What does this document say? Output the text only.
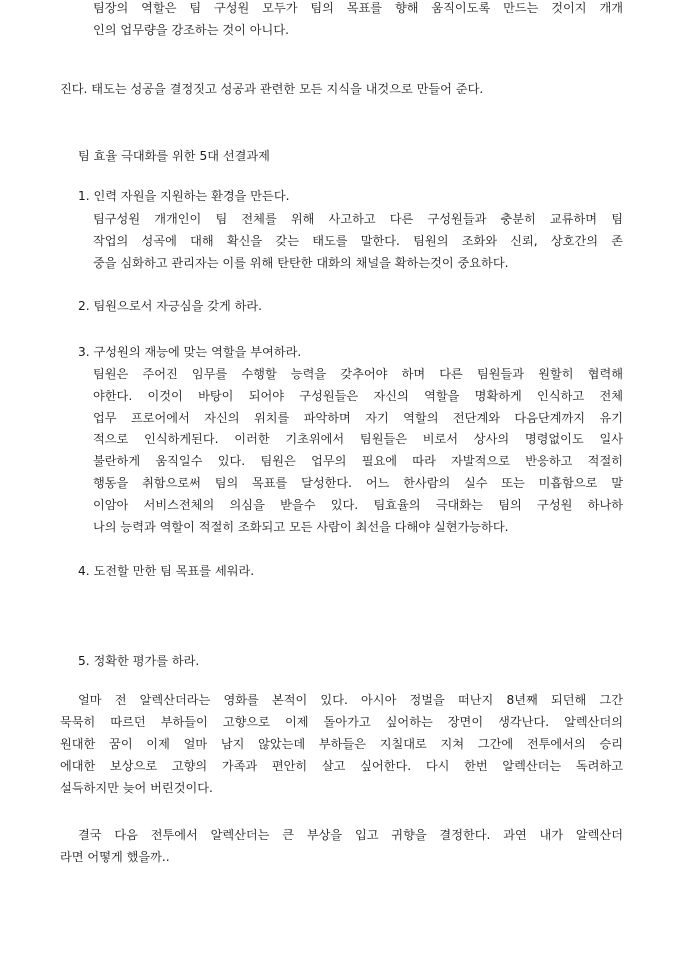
진다. 태도는 성공을 결정짓고 성공과 관련한 모든 지식을 내것으로 만들어 준다.
팀 효율 극대화를 위한 5대 선결과제
1. 인력 자원을 지원하는 환경을 만든다.
팀구성원 개개인이 팀 전체를 위해 사고하고 다른 구성원들과 충분히 교류하며 팀
작업의 성곡에 대해 확신을 갖는 태도를 말한다. 팀원의 조화와 신뢰, 상호간의 존
중을 심화하고 관리자는 이를 위해 탄탄한 대화의 채널을 확하는것이 중요하다.
2. 팀원으로서 자긍심을 갖게 하라.
3. 구성원의 재능에 맞는 역할을 부여하라.
팀원은 주어진 임무를 수행할 능력을 갖추어야 하며 다른 팀원들과 원할히 협력해
야한다. 이것이 바탕이 되어야 구성원들은 자신의 역할을 명확하게 인식하고 전체
업무 프로어에서 자신의 위치를 파악하며 자기 역할의 전단계와 다음단계까지 유기
적으로 인식하게된다. 이러한 기초위에서 팀원들은 비로서 상사의 명령없이도 일사
불란하게 움직일수 있다. 팀원은 업무의 필요에 따라 자발적으로 반응하고 적절히
행동을 취함으로써 팀의 목표를 달성한다. 어느 한사람의 실수 또는 미흡함으로 말
이암아 서비스전체의 의심을 받을수 있다. 팀효율의 극대화는 팀의 구성원 하나하
나의 능력과 역할이 적절히 조화되고 모든 사람이 최선을 다해야 실현가능하다.
4. 도전할 만한 팀 목표를 세워라.
팀장의 역할은 팀 구성원 모두가 팀의 목표를 향해 움직이도록 만드는 것이지 개개
인의 업무량을 강조하는 것이 아니다.
5. 정확한 평가를 하라.
얼마 전 알렉산더라는 영화를 본적이 있다. 아시아 정벌을 떠난지 8년째 되던해 그간
묵묵히 따르던 부하들이 고향으로 이제 돌아가고 싶어하는 장면이 생각난다. 알렉산더의
원대한 꿈이 이제 얼마 남지 않았는데 부하들은 지칠대로 지쳐 그간에 전투에서의 승리
에대한 보상으로 고향의 가족과 편안히 살고 싶어한다. 다시 한번 알렉산더는 독려하고
설득하지만 늦어 버린것이다.
결국 다음 전투에서 알렉산더는 큰 부상을 입고 귀향을 결정한다. 과연 내가 알렉산더
라면 어떻게 했을까..
